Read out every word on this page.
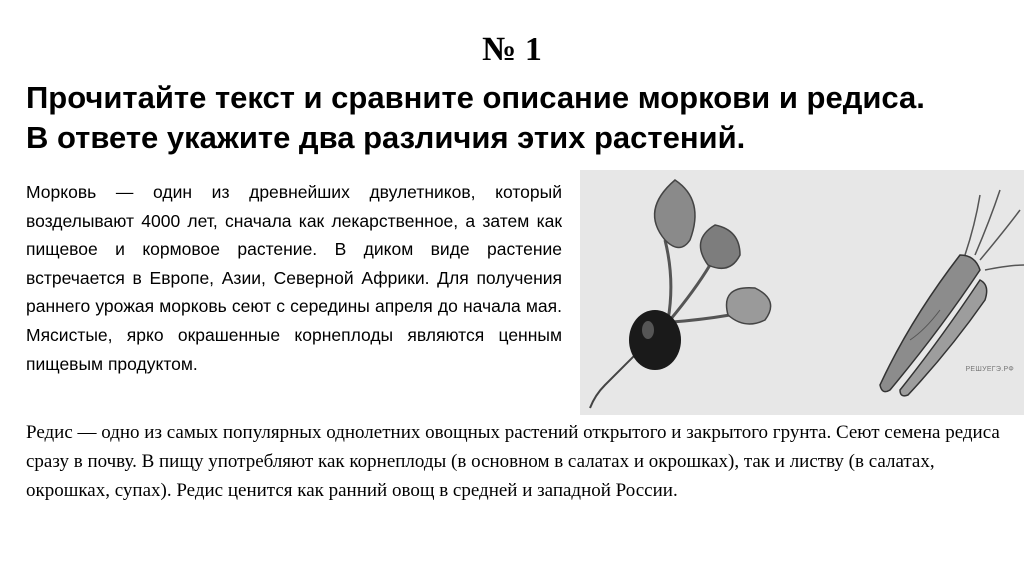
№ 1
Прочитайте текст и сравните описание моркови и редиса.
В ответе укажите два различия этих растений.

Морковь — один из древнейших двулетников, который возделывают 4000 лет, сначала как лекарственное, а затем как пищевое и кормовое растение. В диком виде растение встречается в Европе, Азии, Северной Африки. Для получения раннего урожая морковь сеют с середины апреля до начала мая. Мясистые, ярко окрашенные корнеплоды являются ценным пищевым продуктом.	РЕШУЕГЭ.РФ

Редис — одно из самых популярных однолетних овощных растений открытого и закрытого грунта. Сеют семена редиса сразу в почву. В пищу употребляют как корнеплоды (в основном в салатах и окрошках), так и листву (в салатах, окрошках, супах). Редис ценится как ранний овощ в средней и западной России.
